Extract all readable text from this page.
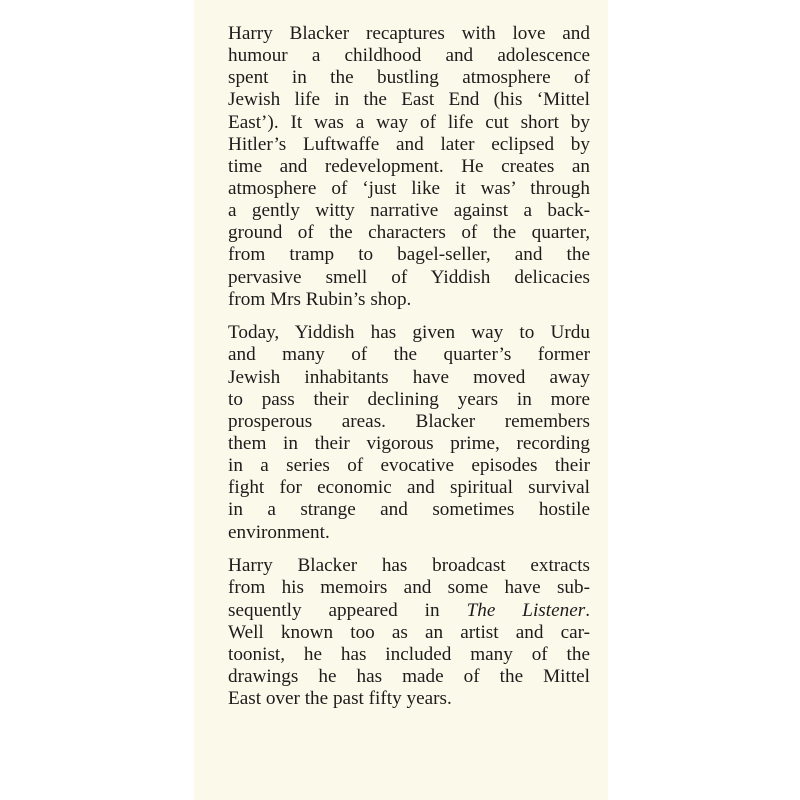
Harry Blacker recaptures with love and
humour a childhood and adolescence
spent in the bustling atmosphere of
Jewish life in the East End (his ‘Mittel
East’). It was a way of life cut short by
Hitler’s Luftwaffe and later eclipsed by
time and redevelopment. He creates an
atmosphere of ‘just like it was’ through
a gently witty narrative against a back-
ground of the characters of the quarter,
from tramp to bagel-seller, and the
pervasive smell of Yiddish delicacies
from Mrs Rubin’s shop.

Today, Yiddish has given way to Urdu
and many of the quarter’s former
Jewish inhabitants have moved away
to pass their declining years in more
prosperous areas. Blacker remembers
them in their vigorous prime, recording
in a series of evocative episodes their
fight for economic and spiritual survival
in a strange and sometimes hostile
environment.

Harry Blacker has broadcast extracts
from his memoirs and some have sub-
sequently appeared in The Listener.
Well known too as an artist and car-
toonist, he has included many of the
drawings he has made of the Mittel
East over the past fifty years.
